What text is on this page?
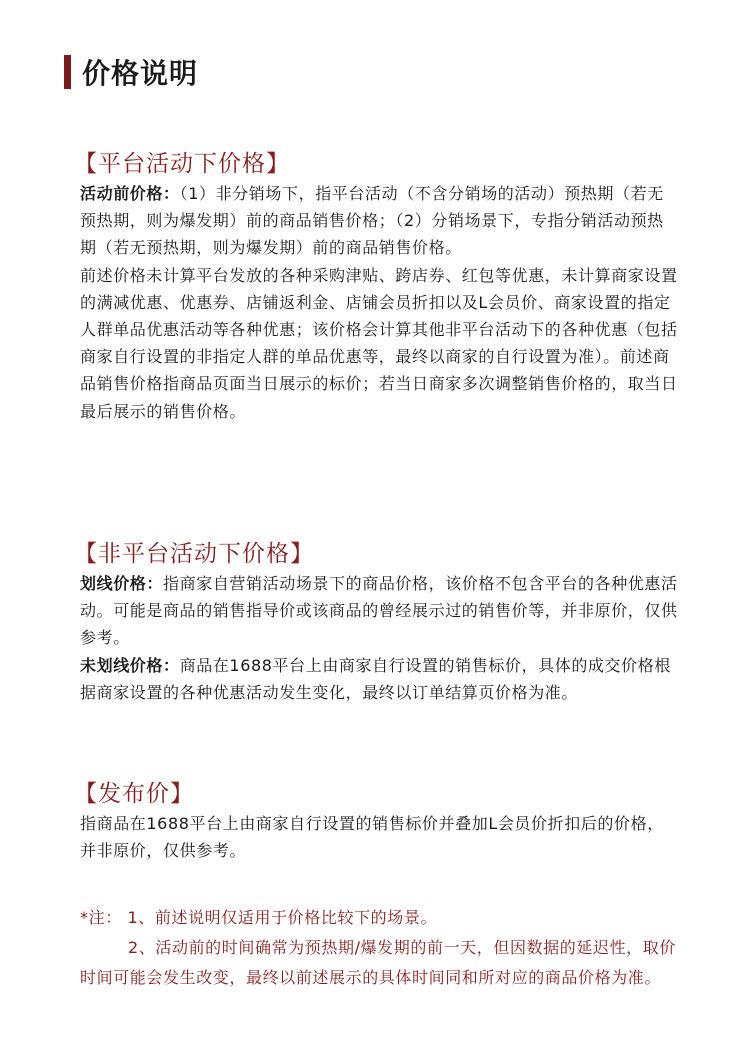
价格说明
【平台活动下价格】

活动前价格：（1）非分销场下，指平台活动（不含分销场的活动）预热期（若无预热期，则为爆发期）前的商品销售价格；（2）分销场景下，专指分销活动预热期（若无预热期，则为爆发期）前的商品销售价格。

前述价格未计算平台发放的各种采购津贴、跨店券、红包等优惠，未计算商家设置的满减优惠、优惠券、店铺返利金、店铺会员折扣以及L会员价、商家设置的指定人群单品优惠活动等各种优惠；该价格会计算其他非平台活动下的各种优惠（包括商家自行设置的非指定人群的单品优惠等，最终以商家的自行设置为准）。前述商品销售价格指商品页面当日展示的标价；若当日商家多次调整销售价格的，取当日最后展示的销售价格。

【非平台活动下价格】

划线价格：指商家自营销活动场景下的商品价格，该价格不包含平台的各种优惠活动。可能是商品的销售指导价或该商品的曾经展示过的销售价等，并非原价，仅供参考。

未划线价格：商品在1688平台上由商家自行设置的销售标价，具体的成交价格根据商家设置的各种优惠活动发生变化，最终以订单结算页价格为准。

【发布价】

指商品在1688平台上由商家自行设置的销售标价并叠加L会员价折扣后的价格，并非原价，仅供参考。

*注： 1、前述说明仅适用于价格比较下的场景。
2、活动前的时间确常为预热期/爆发期的前一天，但因数据的延迟性，取价时间可能会发生改变，最终以前述展示的具体时间同和所对应的商品价格为准。
